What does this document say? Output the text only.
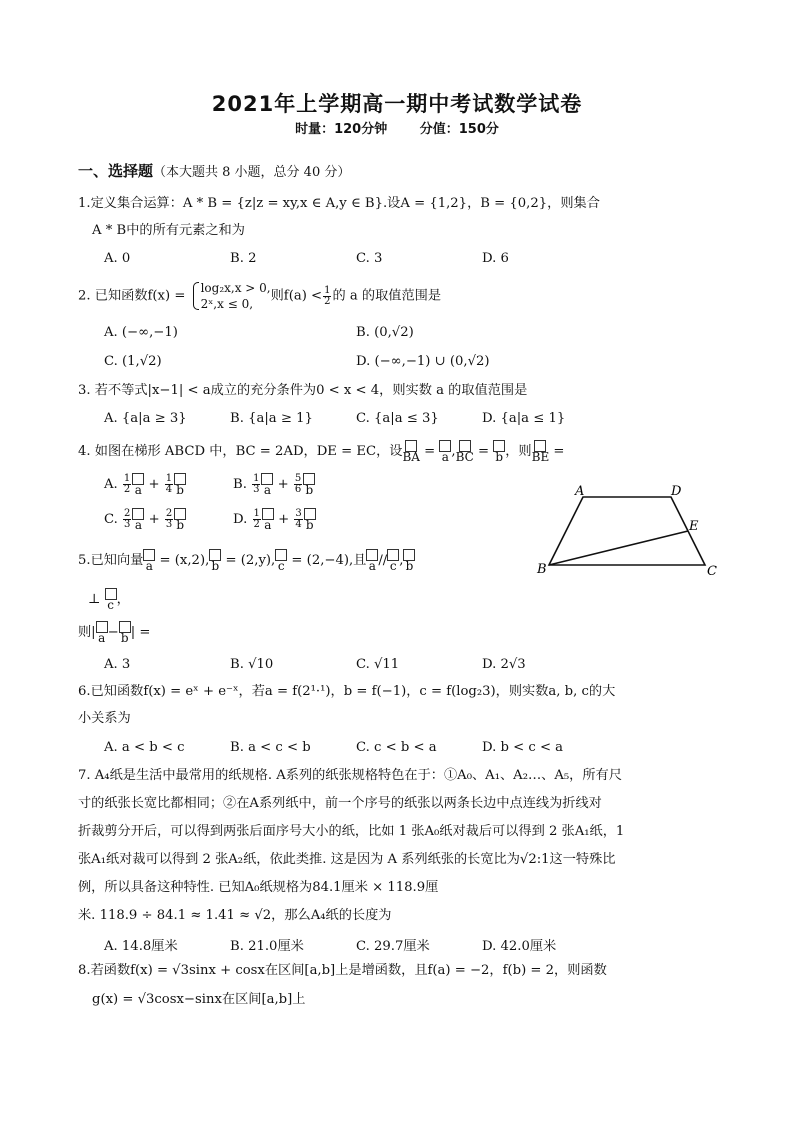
2021年上学期高一期中考试数学试卷
时量：120分钟	分值：150分
一、选择题（本大题共 8 小题，总分 40 分）
1.定义集合运算：A * B = {z|z = xy,x ∈ A,y ∈ B}.设A = {1,2}，B = {0,2}，则集合
A * B中的所有元素之和为
A. 0	B. 2	C. 3	D. 6
2. 已知函数f(x) =
log₂x,x > 0,
2ˣ,x ≤ 0,
则$f(a) < \frac{1}{2}$ 的 a 的取值范围是
A. (−∞,−1)	B. (0,√2)
C. (1,√2)	D. (−∞,−1) ∪ (0,√2)
3. 若不等式|x−1| < a成立的充分条件为0 < x < 4，则实数 a 的取值范围是
A. {a|a ≥ 3}	B. {a|a ≥ 1}	C. {a|a ≤ 3}	D. {a|a ≤ 1}
4. 如图在梯形 ABCD 中，BC = 2AD，DE = EC，设
BA =
a ,
BC =
b ，则
BE =
A. $\frac{1}{2}$ $a + \frac{1}{4}$ b	B. $\frac{1}{3}$ $a + \frac{5}{6}$ b
C. $\frac{2}{3}$ $a + \frac{2}{3}$ b	D. $\frac{1}{2}$ $a + \frac{3}{4}$ b
A	D
E
B	C
5.已知向量 a = (x,2), b = (2,y), c = (2,−4),且 a // c , b
⊥ c ，
则| a − b | =
A. 3	B. √10	C. √11	D. 2√3
6.已知函数f(x) = eˣ + e⁻ˣ，若a = f(2¹·¹)，b = f(−1)，c = f(log₂3)，则实数a, b, c的大
小关系为
A. a < b < c	B. a < c < b	C. c < b < a	D. b < c < a
7. A₄纸是生活中最常用的纸规格. A系列的纸张规格特色在于：①A₀、A₁、A₂…、A₅，所有尺
寸的纸张长宽比都相同；②在A系列纸中，前一个序号的纸张以两条长边中点连线为折线对
折裁剪分开后，可以得到两张后面序号大小的纸，比如 1 张A₀纸对裁后可以得到 2 张A₁纸，1
张A₁纸对裁可以得到 2 张A₂纸，依此类推. 这是因为 A 系列纸张的长宽比为√2:1这一特殊比
例，所以具备这种特性. 已知A₀纸规格为84.1厘米 × 118.9厘
米. 118.9 ÷ 84.1 ≈ 1.41 ≈ √2，那么A₄纸的长度为
A. 14.8厘米	B. 21.0厘米	C. 29.7厘米	D. 42.0厘米
8.若函数f(x) = √3sinx + cosx在区间[a,b]上是增函数，且f(a) = −2，f(b) = 2，则函数
g(x) = √3cosx−sinx在区间[a,b]上
